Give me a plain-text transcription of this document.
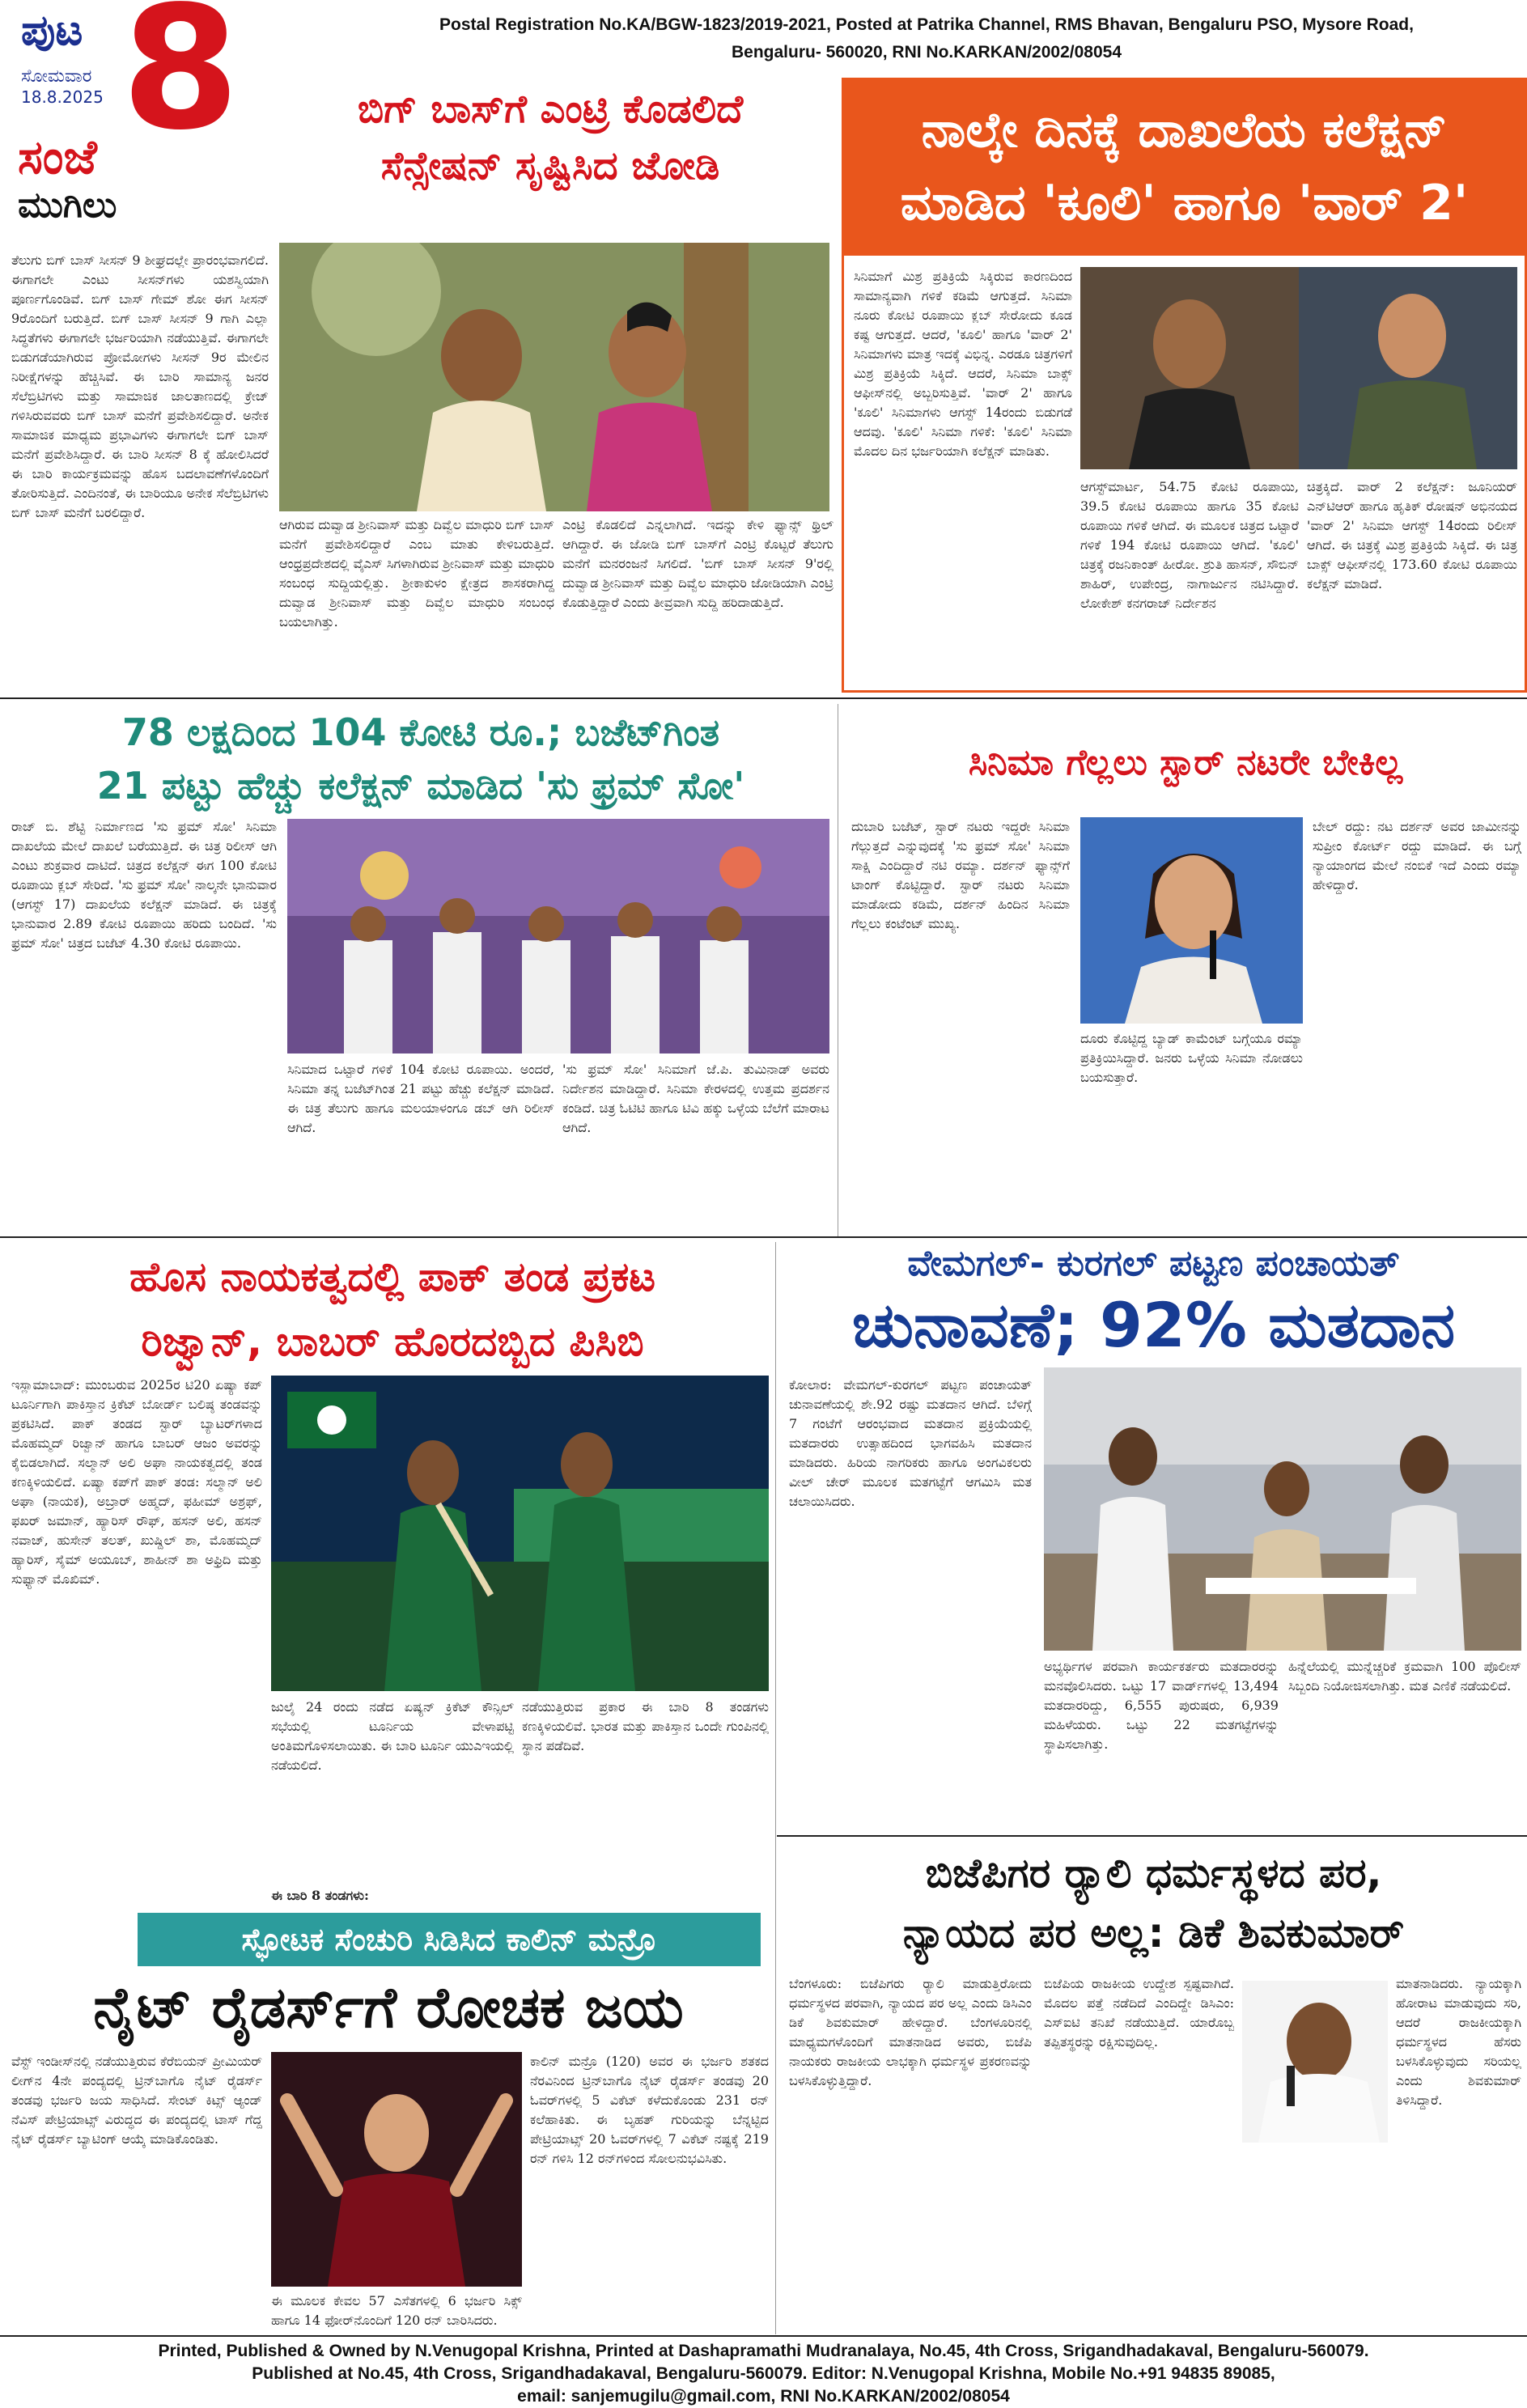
ಪುಟ
ಸೋಮವಾರ
18.8.2025 8
ಸಂಜೆ
ಮುಗಿಲು
Postal Registration No.KA/BGW-1823/2019-2021, Posted at Patrika Channel, RMS Bhavan, Bengaluru PSO, Mysore Road,
Bengaluru- 560020, RNI No.KARKAN/2002/08054
ಬಿಗ್ ಬಾಸ್‌ಗೆ ಎಂಟ್ರಿ ಕೊಡಲಿದೆ
ಸೆನ್ಸೇಷನ್ ಸೃಷ್ಟಿಸಿದ ಜೋಡಿ
ತೆಲುಗು ಬಿಗ್ ಬಾಸ್ ಸೀಸನ್ 9 ಶೀಘ್ರದಲ್ಲೇ ಪ್ರಾರಂಭವಾಗಲಿದೆ. ಈಗಾಗಲೇ ಎಂಟು ಸೀಸನ್‌ಗಳು ಯಶಸ್ವಿಯಾಗಿ ಪೂರ್ಣಗೊಂಡಿವೆ. ಬಿಗ್ ಬಾಸ್ ಗೇಮ್ ಶೋ ಈಗ ಸೀಸನ್ 9ರೊಂದಿಗೆ ಬರುತ್ತಿದೆ. ಬಿಗ್ ಬಾಸ್ ಸೀಸನ್ 9 ಗಾಗಿ ಎಲ್ಲಾ ಸಿದ್ಧತೆಗಳು ಈಗಾಗಲೇ ಭರ್ಜರಿಯಾಗಿ ನಡೆಯುತ್ತಿವೆ. ಈಗಾಗಲೇ ಬಿಡುಗಡೆಯಾಗಿರುವ ಪ್ರೋಮೋಗಳು ಸೀಸನ್ 9ರ ಮೇಲಿನ ನಿರೀಕ್ಷೆಗಳನ್ನು ಹೆಚ್ಚಿಸಿವೆ. ಈ ಬಾರಿ ಸಾಮಾನ್ಯ ಜನರ ಸೆಲೆಬ್ರಿಟಿಗಳು ಮತ್ತು ಸಾಮಾಜಿಕ ಜಾಲತಾಣದಲ್ಲಿ ಕ್ರೇಜ್ ಗಳಿಸಿರುವವರು ಬಿಗ್ ಬಾಸ್ ಮನೆಗೆ ಪ್ರವೇಶಿಸಲಿದ್ದಾರೆ. ಅನೇಕ ಸಾಮಾಜಿಕ ಮಾಧ್ಯಮ ಪ್ರಭಾವಿಗಳು ಈಗಾಗಲೇ ಬಿಗ್ ಬಾಸ್ ಮನೆಗೆ ಪ್ರವೇಶಿಸಿದ್ದಾರೆ. ಈ ಬಾರಿ ಸೀಸನ್ 8 ಕ್ಕೆ ಹೋಲಿಸಿದರೆ ಈ ಬಾರಿ ಕಾರ್ಯಕ್ರಮವನ್ನು ಹೊಸ ಬದಲಾವಣೆಗಳೊಂದಿಗೆ ತೋರಿಸುತ್ತಿದೆ. ಎಂದಿನಂತೆ, ಈ ಬಾರಿಯೂ ಅನೇಕ ಸೆಲೆಬ್ರಿಟಿಗಳು ಬಿಗ್ ಬಾಸ್ ಮನೆಗೆ ಬರಲಿದ್ದಾರೆ.
ಆಗಿರುವ ದುವ್ವಾಡ ಶ್ರೀನಿವಾಸ್ ಮತ್ತು ದಿವ್ವೆಲ ಮಾಧುರಿ ಬಿಗ್ ಬಾಸ್ ಮನೆಗೆ ಪ್ರವೇಶಿಸಲಿದ್ದಾರೆ ಎಂಬ ಮಾತು ಕೇಳಿಬರುತ್ತಿದೆ. ಆಂಧ್ರಪ್ರದೇಶದಲ್ಲಿ ವೈಎಸ್ ಸಿಗಳಾಗಿರುವ ಶ್ರೀನಿವಾಸ್ ಮತ್ತು ಮಾಧುರಿ ಸಂಬಂಧ ಸುದ್ದಿಯಲ್ಲಿತ್ತು. ಶ್ರೀಕಾಕುಳಂ ಕ್ಷೇತ್ರದ ಶಾಸಕರಾಗಿದ್ದ ದುವ್ವಾಡ ಶ್ರೀನಿವಾಸ್ ಮತ್ತು ದಿವ್ವೆಲ ಮಾಧುರಿ ಸಂಬಂಧ ಬಯಲಾಗಿತ್ತು.
ಎಂಟ್ರಿ ಕೊಡಲಿದೆ ಎನ್ನಲಾಗಿದೆ. ಇದನ್ನು ಕೇಳಿ ಫ್ಯಾನ್ಸ್ ಥ್ರಿಲ್ ಆಗಿದ್ದಾರೆ. ಈ ಜೋಡಿ ಬಿಗ್ ಬಾಸ್‌ಗೆ ಎಂಟ್ರಿ ಕೊಟ್ಟರೆ ತೆಲುಗು ಮನೆಗೆ ಮನರಂಜನೆ ಸಿಗಲಿದೆ. 'ಬಿಗ್ ಬಾಸ್ ಸೀಸನ್ 9'ರಲ್ಲಿ ದುವ್ವಾಡ ಶ್ರೀನಿವಾಸ್ ಮತ್ತು ದಿವ್ವೆಲ ಮಾಧುರಿ ಜೋಡಿಯಾಗಿ ಎಂಟ್ರಿ ಕೊಡುತ್ತಿದ್ದಾರೆ ಎಂದು ತೀವ್ರವಾಗಿ ಸುದ್ದಿ ಹರಿದಾಡುತ್ತಿದೆ.
ನಾಲ್ಕೇ ದಿನಕ್ಕೆ ದಾಖಲೆಯ ಕಲೆಕ್ಷನ್
ಮಾಡಿದ 'ಕೂಲಿ' ಹಾಗೂ 'ವಾರ್ 2'
ಸಿನಿಮಾಗೆ ಮಿಶ್ರ ಪ್ರತಿಕ್ರಿಯೆ ಸಿಕ್ಕಿರುವ ಕಾರಣದಿಂದ ಸಾಮಾನ್ಯವಾಗಿ ಗಳಿಕೆ ಕಡಿಮೆ ಆಗುತ್ತದೆ. ಸಿನಿಮಾ ನೂರು ಕೋಟಿ ರೂಪಾಯಿ ಕ್ಲಬ್ ಸೇರೋದು ಕೂಡ ಕಷ್ಟ ಆಗುತ್ತದೆ. ಆದರೆ, 'ಕೂಲಿ' ಹಾಗೂ 'ವಾರ್ 2' ಸಿನಿಮಾಗಳು ಮಾತ್ರ ಇದಕ್ಕೆ ವಿಭಿನ್ನ. ಎರಡೂ ಚಿತ್ರಗಳಿಗೆ ಮಿಶ್ರ ಪ್ರತಿಕ್ರಿಯೆ ಸಿಕ್ಕಿದೆ. ಆದರೆ, ಸಿನಿಮಾ ಬಾಕ್ಸ್ ಆಫೀಸ್‌ನಲ್ಲಿ ಅಬ್ಬರಿಸುತ್ತಿವೆ. 'ವಾರ್ 2' ಹಾಗೂ 'ಕೂಲಿ' ಸಿನಿಮಾಗಳು ಆಗಸ್ಟ್ 14ರಂದು ಬಿಡುಗಡೆ ಆದವು. 'ಕೂಲಿ' ಸಿನಿಮಾ ಗಳಿಕೆ: 'ಕೂಲಿ' ಸಿನಿಮಾ ಮೊದಲ ದಿನ ಭರ್ಜರಿಯಾಗಿ ಕಲೆಕ್ಷನ್ ಮಾಡಿತು.
ಆಗಸ್ಟ್‌ಮಾರ್ಟ, 54.75 ಕೋಟಿ ರೂಪಾಯಿ, 39.5 ಕೋಟಿ ರೂಪಾಯಿ ಹಾಗೂ 35 ಕೋಟಿ ರೂಪಾಯಿ ಗಳಿಕೆ ಆಗಿದೆ. ಈ ಮೂಲಕ ಚಿತ್ರದ ಒಟ್ಟಾರೆ ಗಳಿಕೆ 194 ಕೋಟಿ ರೂಪಾಯಿ ಆಗಿದೆ. 'ಕೂಲಿ' ಚಿತ್ರಕ್ಕೆ ರಜನಿಕಾಂತ್ ಹೀರೋ. ಶ್ರುತಿ ಹಾಸನ್, ಸೌಬಿನ್ ಶಾಹಿರ್, ಉಪೇಂದ್ರ, ನಾಗಾರ್ಜುನ ನಟಿಸಿದ್ದಾರೆ. ಲೋಕೇಶ್ ಕನಗರಾಜ್ ನಿರ್ದೇಶನ
ಚಿತ್ರಕ್ಕಿದೆ. ವಾರ್ 2 ಕಲೆಕ್ಷನ್: ಜೂನಿಯರ್ ಎನ್‌ಟಿಆರ್ ಹಾಗೂ ಹೃತಿಕ್ ರೋಷನ್ ಅಭಿನಯದ 'ವಾರ್ 2' ಸಿನಿಮಾ ಆಗಸ್ಟ್ 14ರಂದು ರಿಲೀಸ್ ಆಗಿದೆ. ಈ ಚಿತ್ರಕ್ಕೆ ಮಿಶ್ರ ಪ್ರತಿಕ್ರಿಯೆ ಸಿಕ್ಕಿದೆ. ಈ ಚಿತ್ರ ಬಾಕ್ಸ್ ಆಫೀಸ್‌ನಲ್ಲಿ 173.60 ಕೋಟಿ ರೂಪಾಯಿ ಕಲೆಕ್ಷನ್ ಮಾಡಿದೆ.
78 ಲಕ್ಷದಿಂದ 104 ಕೋಟಿ ರೂ.; ಬಜೆಟ್‌ಗಿಂತ
21 ಪಟ್ಟು ಹೆಚ್ಚು ಕಲೆಕ್ಷನ್ ಮಾಡಿದ 'ಸು ಫ್ರಮ್ ಸೋ'
ರಾಜ್ ಬಿ. ಶೆಟ್ಟಿ ನಿರ್ಮಾಣದ 'ಸು ಫ್ರಮ್ ಸೋ' ಸಿನಿಮಾ ದಾಖಲೆಯ ಮೇಲೆ ದಾಖಲೆ ಬರೆಯುತ್ತಿದೆ. ಈ ಚಿತ್ರ ರಿಲೀಸ್ ಆಗಿ ಎಂಟು ಶುಕ್ರವಾರ ದಾಟಿದೆ. ಚಿತ್ರದ ಕಲೆಕ್ಷನ್ ಈಗ 100 ಕೋಟಿ ರೂಪಾಯಿ ಕ್ಲಬ್ ಸೇರಿದೆ. 'ಸು ಫ್ರಮ್ ಸೋ' ನಾಲ್ಕನೇ ಭಾನುವಾರ (ಆಗಸ್ಟ್ 17) ದಾಖಲೆಯ ಕಲೆಕ್ಷನ್ ಮಾಡಿದೆ. ಈ ಚಿತ್ರಕ್ಕೆ ಭಾನುವಾರ 2.89 ಕೋಟಿ ರೂಪಾಯಿ ಹರಿದು ಬಂದಿದೆ. 'ಸು ಫ್ರಮ್ ಸೋ' ಚಿತ್ರದ ಬಜೆಟ್ 4.30 ಕೋಟಿ ರೂಪಾಯಿ.
ಸಿನಿಮಾದ ಒಟ್ಟಾರೆ ಗಳಿಕೆ 104 ಕೋಟಿ ರೂಪಾಯಿ. ಅಂದರೆ, ಸಿನಿಮಾ ತನ್ನ ಬಜೆಟ್‌ಗಿಂತ 21 ಪಟ್ಟು ಹೆಚ್ಚು ಕಲೆಕ್ಷನ್ ಮಾಡಿದೆ. ಈ ಚಿತ್ರ ತೆಲುಗು ಹಾಗೂ ಮಲಯಾಳಂಗೂ ಡಬ್ ಆಗಿ ರಿಲೀಸ್ ಆಗಿದೆ.
'ಸು ಫ್ರಮ್ ಸೋ' ಸಿನಿಮಾಗೆ ಜೆ.ಪಿ. ತುಮಿನಾಡ್ ಅವರು ನಿರ್ದೇಶನ ಮಾಡಿದ್ದಾರೆ. ಸಿನಿಮಾ ಕೇರಳದಲ್ಲಿ ಉತ್ತಮ ಪ್ರದರ್ಶನ ಕಂಡಿದೆ. ಚಿತ್ರ ಓಟಿಟಿ ಹಾಗೂ ಟಿವಿ ಹಕ್ಕು ಒಳ್ಳೆಯ ಬೆಲೆಗೆ ಮಾರಾಟ ಆಗಿದೆ.
ಸಿನಿಮಾ ಗೆಲ್ಲಲು ಸ್ಟಾರ್ ನಟರೇ ಬೇಕಿಲ್ಲ
ದುಬಾರಿ ಬಜೆಟ್, ಸ್ಟಾರ್ ನಟರು ಇದ್ದರೇ ಸಿನಿಮಾ ಗೆಲ್ಲುತ್ತದೆ ಎನ್ನುವುದಕ್ಕೆ 'ಸು ಫ್ರಮ್ ಸೋ' ಸಿನಿಮಾ ಸಾಕ್ಷಿ ಎಂದಿದ್ದಾರೆ ನಟಿ ರಮ್ಯಾ. ದರ್ಶನ್ ಫ್ಯಾನ್ಸ್‌ಗೆ ಟಾಂಗ್ ಕೊಟ್ಟಿದ್ದಾರೆ. ಸ್ಟಾರ್ ನಟರು ಸಿನಿಮಾ ಮಾಡೋದು ಕಡಿಮೆ, ದರ್ಶನ್ ಹಿಂದಿನ ಸಿನಿಮಾ ಗೆಲ್ಲಲು ಕಂಟೆಂಟ್ ಮುಖ್ಯ.
ದೂರು ಕೊಟ್ಟಿದ್ದ ಬ್ಯಾಡ್ ಕಾಮೆಂಟ್ ಬಗ್ಗೆಯೂ ರಮ್ಯಾ ಪ್ರತಿಕ್ರಿಯಿಸಿದ್ದಾರೆ. ಜನರು ಒಳ್ಳೆಯ ಸಿನಿಮಾ ನೋಡಲು ಬಯಸುತ್ತಾರೆ.
ಬೇಲ್ ರದ್ದು: ನಟ ದರ್ಶನ್ ಅವರ ಜಾಮೀನನ್ನು ಸುಪ್ರೀಂ ಕೋರ್ಟ್ ರದ್ದು ಮಾಡಿದೆ. ಈ ಬಗ್ಗೆ ನ್ಯಾಯಾಂಗದ ಮೇಲೆ ನಂಬಿಕೆ ಇದೆ ಎಂದು ರಮ್ಯಾ ಹೇಳಿದ್ದಾರೆ.
ಹೊಸ ನಾಯಕತ್ವದಲ್ಲಿ ಪಾಕ್ ತಂಡ ಪ್ರಕಟ
ರಿಜ್ವಾನ್, ಬಾಬರ್ ಹೊರದಬ್ಬಿದ ಪಿಸಿಬಿ
ಇಸ್ಲಾಮಾಬಾದ್: ಮುಂಬರುವ 2025ರ ಟಿ20 ಏಷ್ಯಾ ಕಪ್ ಟೂರ್ನಿಗಾಗಿ ಪಾಕಿಸ್ತಾನ ಕ್ರಿಕೆಟ್ ಬೋರ್ಡ್ ಬಲಿಷ್ಠ ತಂಡವನ್ನು ಪ್ರಕಟಿಸಿದೆ. ಪಾಕ್ ತಂಡದ ಸ್ಟಾರ್ ಬ್ಯಾಟರ್‌ಗಳಾದ ಮೊಹಮ್ಮದ್ ರಿಜ್ವಾನ್ ಹಾಗೂ ಬಾಬರ್ ಆಜಂ ಅವರನ್ನು ಕೈಬಿಡಲಾಗಿದೆ. ಸಲ್ಮಾನ್ ಅಲಿ ಅಘಾ ನಾಯಕತ್ವದಲ್ಲಿ ತಂಡ ಕಣಕ್ಕಿಳಿಯಲಿದೆ. ಏಷ್ಯಾ ಕಪ್‌ಗೆ ಪಾಕ್ ತಂಡ: ಸಲ್ಮಾನ್ ಅಲಿ ಅಘಾ (ನಾಯಕ), ಅಬ್ರಾರ್ ಅಹ್ಮದ್, ಫಹೀಮ್ ಅಶ್ರಫ್, ಫಖರ್ ಜಮಾನ್, ಹ್ಯಾರಿಸ್ ರೌಫ್, ಹಸನ್ ಅಲಿ, ಹಸನ್ ನವಾಜ್, ಹುಸೇನ್ ತಲತ್, ಖುಷ್ದಿಲ್ ಶಾ, ಮೊಹಮ್ಮದ್ ಹ್ಯಾರಿಸ್, ಸೈಮ್ ಅಯೂಬ್, ಶಾಹೀನ್ ಶಾ ಅಫ್ರಿದಿ ಮತ್ತು ಸುಫ್ಯಾನ್ ಮೊಖಿಮ್.
ಜುಲೈ 24 ರಂದು ನಡೆದ ಏಷ್ಯನ್ ಕ್ರಿಕೆಟ್ ಕೌನ್ಸಿಲ್ ಸಭೆಯಲ್ಲಿ ಟೂರ್ನಿಯ ವೇಳಾಪಟ್ಟಿ ಅಂತಿಮಗೊಳಿಸಲಾಯಿತು. ಈ ಬಾರಿ ಟೂರ್ನಿ ಯುಎಇಯಲ್ಲಿ ನಡೆಯಲಿದೆ.
ನಡೆಯುತ್ತಿರುವ ಪ್ರಕಾರ ಈ ಬಾರಿ 8 ತಂಡಗಳು ಕಣಕ್ಕಿಳಿಯಲಿವೆ. ಭಾರತ ಮತ್ತು ಪಾಕಿಸ್ತಾನ ಒಂದೇ ಗುಂಪಿನಲ್ಲಿ ಸ್ಥಾನ ಪಡೆದಿವೆ.
ಈ ಬಾರಿ 8 ತಂಡಗಳು:
ವೇಮಗಲ್- ಕುರಗಲ್ ಪಟ್ಟಣ ಪಂಚಾಯತ್
ಚುನಾವಣೆ; 92% ಮತದಾನ
ಕೋಲಾರ: ವೇಮಗಲ್-ಕುರಗಲ್ ಪಟ್ಟಣ ಪಂಚಾಯತ್ ಚುನಾವಣೆಯಲ್ಲಿ ಶೇ.92 ರಷ್ಟು ಮತದಾನ ಆಗಿದೆ. ಬೆಳಿಗ್ಗೆ 7 ಗಂಟೆಗೆ ಆರಂಭವಾದ ಮತದಾನ ಪ್ರಕ್ರಿಯೆಯಲ್ಲಿ ಮತದಾರರು ಉತ್ಸಾಹದಿಂದ ಭಾಗವಹಿಸಿ ಮತದಾನ ಮಾಡಿದರು. ಹಿರಿಯ ನಾಗರಿಕರು ಹಾಗೂ ಅಂಗವಿಕಲರು ವೀಲ್ ಚೇರ್ ಮೂಲಕ ಮತಗಟ್ಟೆಗೆ ಆಗಮಿಸಿ ಮತ ಚಲಾಯಿಸಿದರು.
ಅಭ್ಯರ್ಥಿಗಳ ಪರವಾಗಿ ಕಾರ್ಯಕರ್ತರು ಮತದಾರರನ್ನು ಮನವೊಲಿಸಿದರು. ಒಟ್ಟು 17 ವಾರ್ಡ್‌ಗಳಲ್ಲಿ 13,494 ಮತದಾರರಿದ್ದು, 6,555 ಪುರುಷರು, 6,939 ಮಹಿಳೆಯರು. ಒಟ್ಟು 22 ಮತಗಟ್ಟೆಗಳನ್ನು ಸ್ಥಾಪಿಸಲಾಗಿತ್ತು.
ಹಿನ್ನೆಲೆಯಲ್ಲಿ ಮುನ್ನೆಚ್ಚರಿಕೆ ಕ್ರಮವಾಗಿ 100 ಪೊಲೀಸ್ ಸಿಬ್ಬಂದಿ ನಿಯೋಜಿಸಲಾಗಿತ್ತು. ಮತ ಎಣಿಕೆ ನಡೆಯಲಿದೆ.
ಸ್ಫೋಟಕ ಸೆಂಚುರಿ ಸಿಡಿಸಿದ ಕಾಲಿನ್ ಮನ್ರೊ
ನೈಟ್ ರೈಡರ್ಸ್‌ಗೆ ರೋಚಕ ಜಯ
ವೆಸ್ಟ್ ಇಂಡೀಸ್‌ನಲ್ಲಿ ನಡೆಯುತ್ತಿರುವ ಕೆರೆಬಿಯನ್ ಪ್ರೀಮಿಯರ್ ಲೀಗ್‌ನ 4ನೇ ಪಂದ್ಯದಲ್ಲಿ ಟ್ರಿನ್‌ಬಾಗೊ ನೈಟ್ ರೈಡರ್ಸ್ ತಂಡವು ಭರ್ಜರಿ ಜಯ ಸಾಧಿಸಿದೆ. ಸೇಂಟ್ ಕಿಟ್ಸ್ ಆ್ಯಂಡ್ ನೆವಿಸ್ ಪೇಟ್ರಿಯಾಟ್ಸ್ ವಿರುದ್ಧದ ಈ ಪಂದ್ಯದಲ್ಲಿ ಟಾಸ್ ಗೆದ್ದ ನೈಟ್ ರೈಡರ್ಸ್ ಬ್ಯಾಟಿಂಗ್ ಆಯ್ಕೆ ಮಾಡಿಕೊಂಡಿತು.
ಈ ಮೂಲಕ ಕೇವಲ 57 ಎಸೆತಗಳಲ್ಲಿ 6 ಭರ್ಜರಿ ಸಿಕ್ಸ್ ಹಾಗೂ 14 ಫೋರ್‌ನೊಂದಿಗೆ 120 ರನ್ ಬಾರಿಸಿದರು.
ಕಾಲಿನ್ ಮನ್ರೊ (120) ಅವರ ಈ ಭರ್ಜರಿ ಶತಕದ ನೆರವಿನಿಂದ ಟ್ರಿನ್‌ಬಾಗೊ ನೈಟ್ ರೈಡರ್ಸ್ ತಂಡವು 20 ಓವರ್‌ಗಳಲ್ಲಿ 5 ವಿಕೆಟ್ ಕಳೆದುಕೊಂಡು 231 ರನ್ ಕಲೆಹಾಕಿತು. ಈ ಬೃಹತ್ ಗುರಿಯನ್ನು ಬೆನ್ನಟ್ಟಿದ ಪೇಟ್ರಿಯಾಟ್ಸ್ 20 ಓವರ್‌ಗಳಲ್ಲಿ 7 ವಿಕೆಟ್ ನಷ್ಟಕ್ಕೆ 219 ರನ್ ಗಳಿಸಿ 12 ರನ್‌ಗಳಿಂದ ಸೋಲನುಭವಿಸಿತು.
ಬಿಜೆಪಿಗರ ರ‍್ಯಾಲಿ ಧರ್ಮಸ್ಥಳದ ಪರ,
ನ್ಯಾಯದ ಪರ ಅಲ್ಲ: ಡಿಕೆ ಶಿವಕುಮಾರ್
ಬೆಂಗಳೂರು: ಬಿಜೆಪಿಗರು ರ‍್ಯಾಲಿ ಮಾಡುತ್ತಿರೋದು ಧರ್ಮಸ್ಥಳದ ಪರವಾಗಿ, ನ್ಯಾಯದ ಪರ ಅಲ್ಲ ಎಂದು ಡಿಸಿಎಂ ಡಿಕೆ ಶಿವಕುಮಾರ್ ಹೇಳಿದ್ದಾರೆ. ಬೆಂಗಳೂರಿನಲ್ಲಿ ಮಾಧ್ಯಮಗಳೊಂದಿಗೆ ಮಾತನಾಡಿದ ಅವರು, ಬಿಜೆಪಿ ನಾಯಕರು ರಾಜಕೀಯ ಲಾಭಕ್ಕಾಗಿ ಧರ್ಮಸ್ಥಳ ಪ್ರಕರಣವನ್ನು ಬಳಸಿಕೊಳ್ಳುತ್ತಿದ್ದಾರೆ.
ಬಿಜೆಪಿಯ ರಾಜಕೀಯ ಉದ್ದೇಶ ಸ್ಪಷ್ಟವಾಗಿದೆ. ಮೊದಲ ಪತ್ತೆ ನಡೆದಿದೆ ಎಂದಿದ್ದೇ ಡಿಸಿಎಂ: ಎಸ್‌ಐಟಿ ತನಿಖೆ ನಡೆಯುತ್ತಿದೆ. ಯಾರೊಬ್ಬ ತಪ್ಪಿತಸ್ಥರನ್ನು ರಕ್ಷಿಸುವುದಿಲ್ಲ.
ಮಾತನಾಡಿದರು. ನ್ಯಾಯಕ್ಕಾಗಿ ಹೋರಾಟ ಮಾಡುವುದು ಸರಿ, ಆದರೆ ರಾಜಕೀಯಕ್ಕಾಗಿ ಧರ್ಮಸ್ಥಳದ ಹೆಸರು ಬಳಸಿಕೊಳ್ಳುವುದು ಸರಿಯಲ್ಲ ಎಂದು ಶಿವಕುಮಾರ್ ತಿಳಿಸಿದ್ದಾರೆ.
Printed, Published & Owned by N.Venugopal Krishna, Printed at Dashapramathi Mudranalaya, No.45, 4th Cross, Srigandhadakaval, Bengaluru-560079.
Published at No.45, 4th Cross, Srigandhadakaval, Bengaluru-560079. Editor: N.Venugopal Krishna, Mobile No.+91 94835 89085,
email: sanjemugilu@gmail.com, RNI No.KARKAN/2002/08054
